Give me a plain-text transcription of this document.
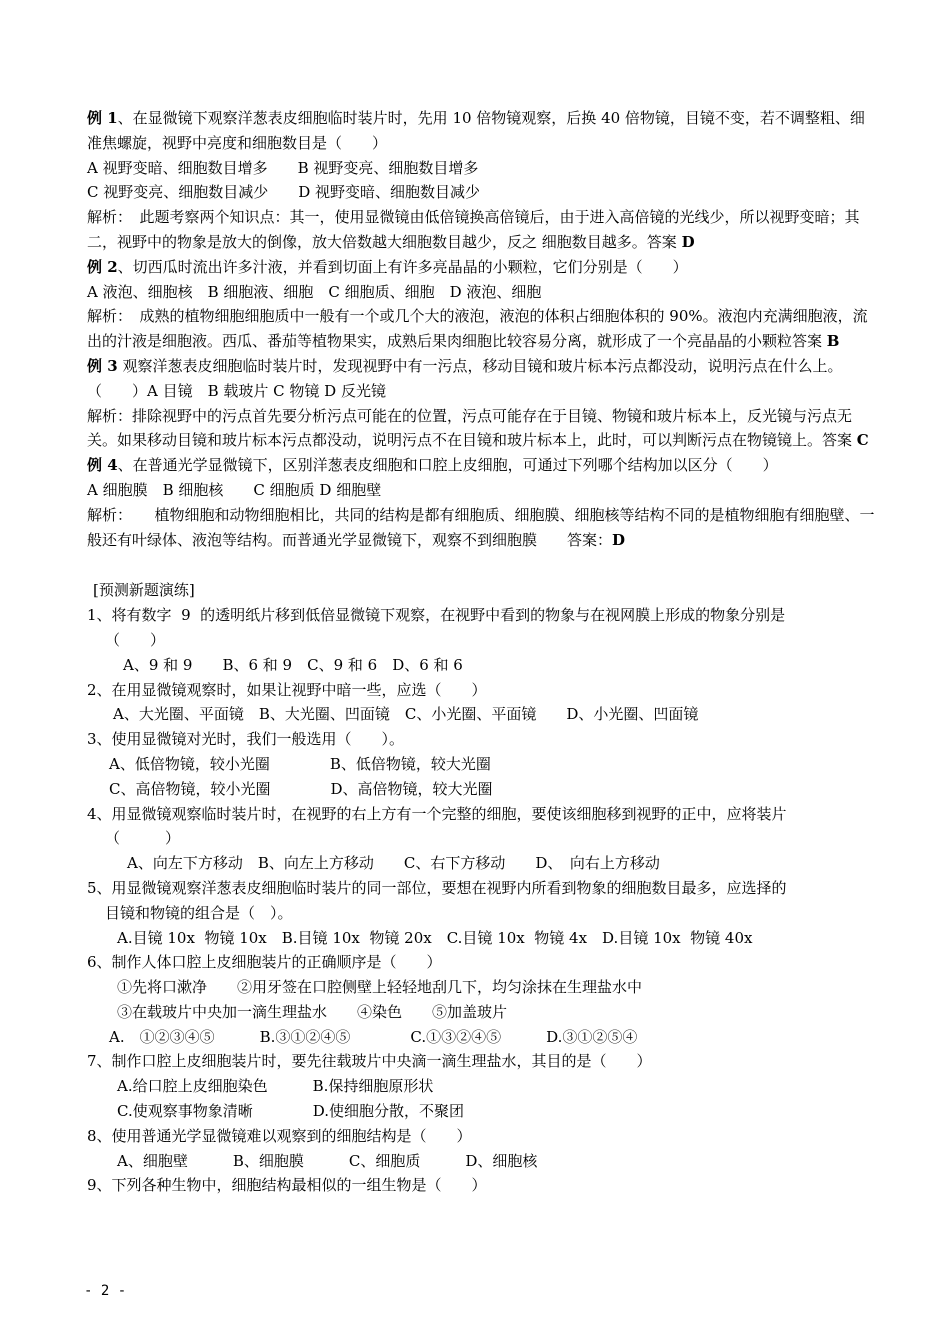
例 1、在显微镜下观察洋葱表皮细胞临时装片时，先用 10 倍物镜观察，后换 40 倍物镜，目镜不变，若不调整粗、细准焦螺旋，视野中亮度和细胞数目是（　　）
A 视野变暗、细胞数目增多　　B 视野变亮、细胞数目增多
C 视野变亮、细胞数目减少　　D 视野变暗、细胞数目减少
解析：　此题考察两个知识点：其一，使用显微镜由低倍镜换高倍镜后，由于进入高倍镜的光线少，所以视野变暗；其二，视野中的物象是放大的倒像，放大倍数越大细胞数目越少，反之 细胞数目越多。答案 D
例 2、切西瓜时流出许多汁液，并看到切面上有许多亮晶晶的小颗粒，它们分别是（　　）
A 液泡、细胞核　B 细胞液、细胞　C 细胞质、细胞　D 液泡、细胞
解析：　成熟的植物细胞细胞质中一般有一个或几个大的液泡，液泡的体积占细胞体积的 90%。液泡内充满细胞液，流出的汁液是细胞液。西瓜、番茄等植物果实，成熟后果肉细胞比较容易分离，就形成了一个亮晶晶的小颗粒答案 B
例 3 观察洋葱表皮细胞临时装片时，发现视野中有一污点，移动目镜和玻片标本污点都没动，说明污点在什么上。（　　）A 目镜　B 载玻片 C 物镜 D 反光镜
解析：排除视野中的污点首先要分析污点可能在的位置，污点可能存在于目镜、物镜和玻片标本上，反光镜与污点无关。如果移动目镜和玻片标本污点都没动，说明污点不在目镜和玻片标本上，此时，可以判断污点在物镜镜上。答案 C
例 4、在普通光学显微镜下，区别洋葱表皮细胞和口腔上皮细胞，可通过下列哪个结构加以区分（　　）
A 细胞膜　B 细胞核　　C 细胞质 D 细胞壁
解析：　　植物细胞和动物细胞相比，共同的结构是都有细胞质、细胞膜、细胞核等结构不同的是植物细胞有细胞壁、一般还有叶绿体、液泡等结构。而普通光学显微镜下，观察不到细胞膜　　答案：D
[预测新题演练]
1、将有数字  9  的透明纸片移到低倍显微镜下观察，在视野中看到的物象与在视网膜上形成的物象分别是
（　　）
A、9 和 9　　B、6 和 9　C、9 和 6　D、6 和 6
2、在用显微镜观察时，如果让视野中暗一些，应选（　　）
A、大光圈、平面镜　B、大光圈、凹面镜　C、小光圈、平面镜　　D、小光圈、凹面镜
3、使用显微镜对光时，我们一般选用（　　）。
A、低倍物镜，较小光圈　　　　B、低倍物镜，较大光圈
C、高倍物镜，较小光圈　　　　D、高倍物镜，较大光圈
4、用显微镜观察临时装片时，在视野的右上方有一个完整的细胞，要使该细胞移到视野的正中，应将装片
（　　　）
A、向左下方移动　B、向左上方移动　　C、右下方移动　　D、　向右上方移动
5、用显微镜观察洋葱表皮细胞临时装片的同一部位，要想在视野内所看到物象的细胞数目最多，应选择的
目镜和物镜的组合是（　）。
A.目镜 10x  物镜 10x　B.目镜 10x  物镜 20x　C.目镜 10x  物镜 4x　D.目镜 10x  物镜 40x
6、制作人体口腔上皮细胞装片的正确顺序是（　　）
①先将口漱净　　②用牙签在口腔侧壁上轻轻地刮几下，均匀涂抹在生理盐水中
③在载玻片中央加一滴生理盐水　　④染色　　⑤加盖玻片
A.　①②③④⑤　　　B.③①②④⑤　　　　C.①③②④⑤　　　D.③①②⑤④
7、制作口腔上皮细胞装片时，要先往载玻片中央滴一滴生理盐水，其目的是（　　）
A.给口腔上皮细胞染色　　　B.保持细胞原形状
C.使观察事物象清晰　　　　D.使细胞分散，不聚团
8、使用普通光学显微镜难以观察到的细胞结构是（　　）
A、细胞壁　　　B、细胞膜　　　C、细胞质　　　D、细胞核
9、下列各种生物中，细胞结构最相似的一组生物是（　　）
- 2 -
